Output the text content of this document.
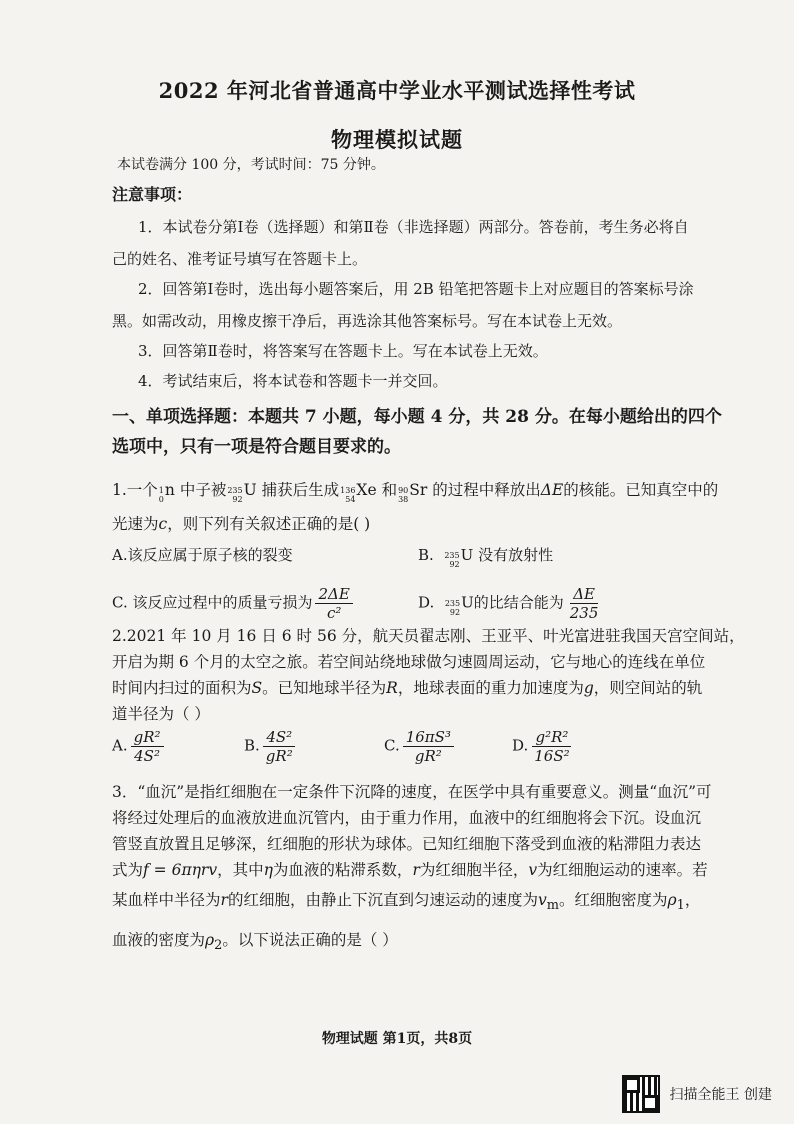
2022 年河北省普通高中学业水平测试选择性考试
物理模拟试题
本试卷满分 100 分，考试时间：75 分钟。
注意事项：
1．本试卷分第Ⅰ卷（选择题）和第Ⅱ卷（非选择题）两部分。答卷前，考生务必将自
己的姓名、准考证号填写在答题卡上。
2．回答第Ⅰ卷时，选出每小题答案后，用 2B 铅笔把答题卡上对应题目的答案标号涂
黑。如需改动，用橡皮擦干净后，再选涂其他答案标号。写在本试卷上无效。
3．回答第Ⅱ卷时，将答案写在答题卡上。写在本试卷上无效。
4．考试结束后，将本试卷和答题卡一并交回。
一、单项选择题：本题共 7 小题，每小题 4 分，共 28 分。在每小题给出的四个
选项中，只有一项是符合题目要求的。
1.一个 1
0
n 中子被 235
92
U 捕获后生成 136
54
Xe 和 90
38
Sr 的过程中释放出ΔE的核能。已知真空中的
光速为c，则下列有关叙述正确的是( )
A.该反应属于原子核的裂变	B. 235
92
U 没有放射性
C. 该反应过程中的质量亏损为 $\frac{2\Delta E}{\text{c²}}$	D. 235
92
U的比结合能为 $\frac{\Delta E}{235}$
2.2021 年 10 月 16 日 6 时 56 分，航天员翟志刚、王亚平、叶光富进驻我国天宫空间站，
开启为期 6 个月的太空之旅。若空间站绕地球做匀速圆周运动，它与地心的连线在单位
时间内扫过的面积为S。已知地球半径为R，地球表面的重力加速度为g，则空间站的轨
道半径为（ ）
A. $\frac{\text{gR²}}{\text{4S²}}$	B. $\frac{\text{4S²}}{\text{gR²}}$	C. $\frac{\text{16πS³}}{\text{gR²}}$	D. $\frac{\text{g²R²}}{\text{16S²}}$
3．“血沉”是指红细胞在一定条件下沉降的速度，在医学中具有重要意义。测量“血沉”可
将经过处理后的血液放进血沉管内，由于重力作用，血液中的红细胞将会下沉。设血沉
管竖直放置且足够深，红细胞的形状为球体。已知红细胞下落受到血液的粘滞阻力表达
式为f = 6πηrv，其中η为血液的粘滞系数，r为红细胞半径，v为红细胞运动的速率。若
某血样中半径为r的红细胞，由静止下沉直到匀速运动的速度为$v_m$。红细胞密度为$\rho_1$，
血液的密度为$\rho_2$。以下说法正确的是（ ）
物理试题 第1页，共8页
扫描全能王 创建
